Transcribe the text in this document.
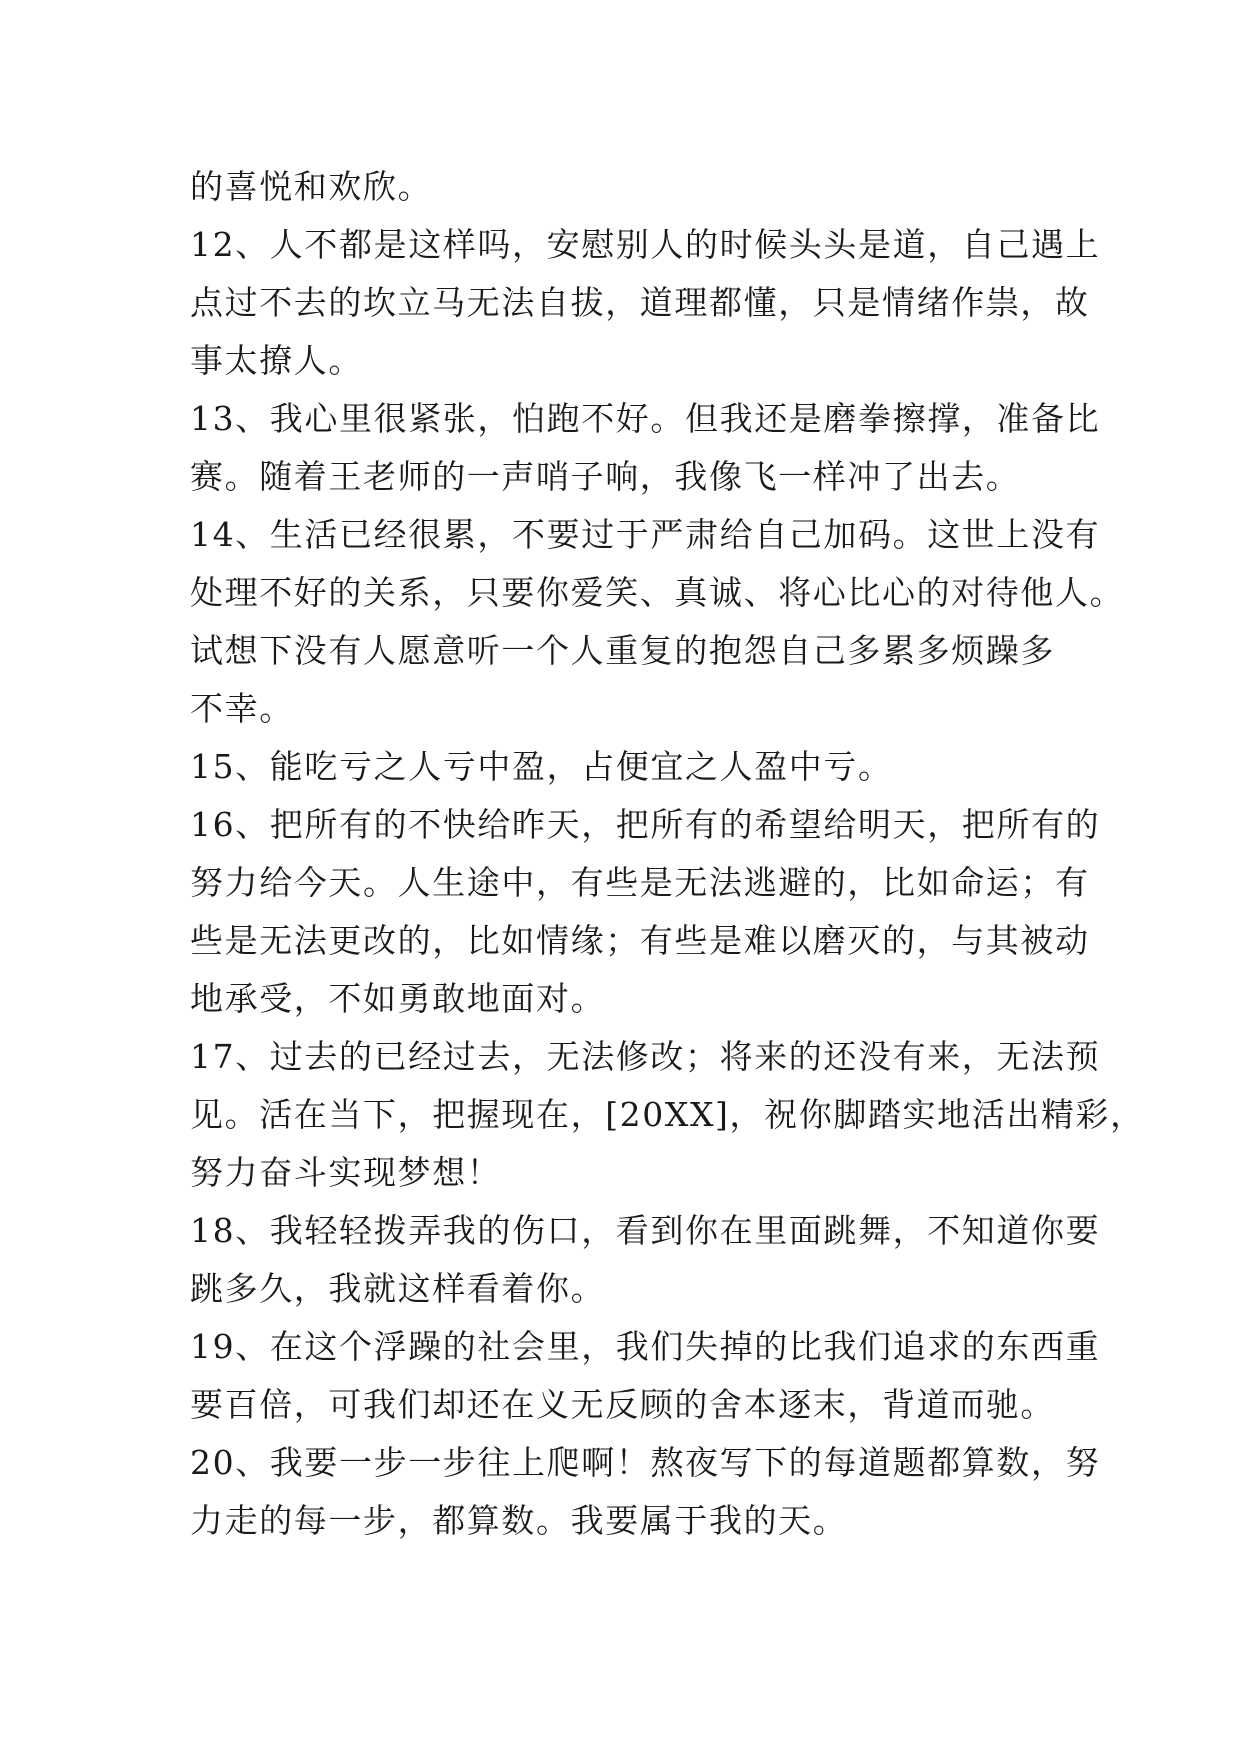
的喜悦和欢欣。
12、人不都是这样吗，安慰别人的时候头头是道，自己遇上
点过不去的坎立马无法自拔，道理都懂，只是情绪作祟，故
事太撩人。
13、我心里很紧张，怕跑不好。但我还是磨拳擦撑，准备比
赛。随着王老师的一声哨子响，我像飞一样冲了出去。
14、生活已经很累，不要过于严肃给自己加码。这世上没有
处理不好的关系，只要你爱笑、真诚、将心比心的对待他人。
试想下没有人愿意听一个人重复的抱怨自己多累多烦躁多
不幸。
15、能吃亏之人亏中盈，占便宜之人盈中亏。
16、把所有的不快给昨天，把所有的希望给明天，把所有的
努力给今天。人生途中，有些是无法逃避的，比如命运；有
些是无法更改的，比如情缘；有些是难以磨灭的，与其被动
地承受，不如勇敢地面对。
17、过去的已经过去，无法修改；将来的还没有来，无法预
见。活在当下，把握现在，[20XX]，祝你脚踏实地活出精彩，
努力奋斗实现梦想！
18、我轻轻拨弄我的伤口，看到你在里面跳舞，不知道你要
跳多久，我就这样看着你。
19、在这个浮躁的社会里，我们失掉的比我们追求的东西重
要百倍，可我们却还在义无反顾的舍本逐末，背道而驰。
20、我要一步一步往上爬啊！熬夜写下的每道题都算数，努
力走的每一步，都算数。我要属于我的天。
